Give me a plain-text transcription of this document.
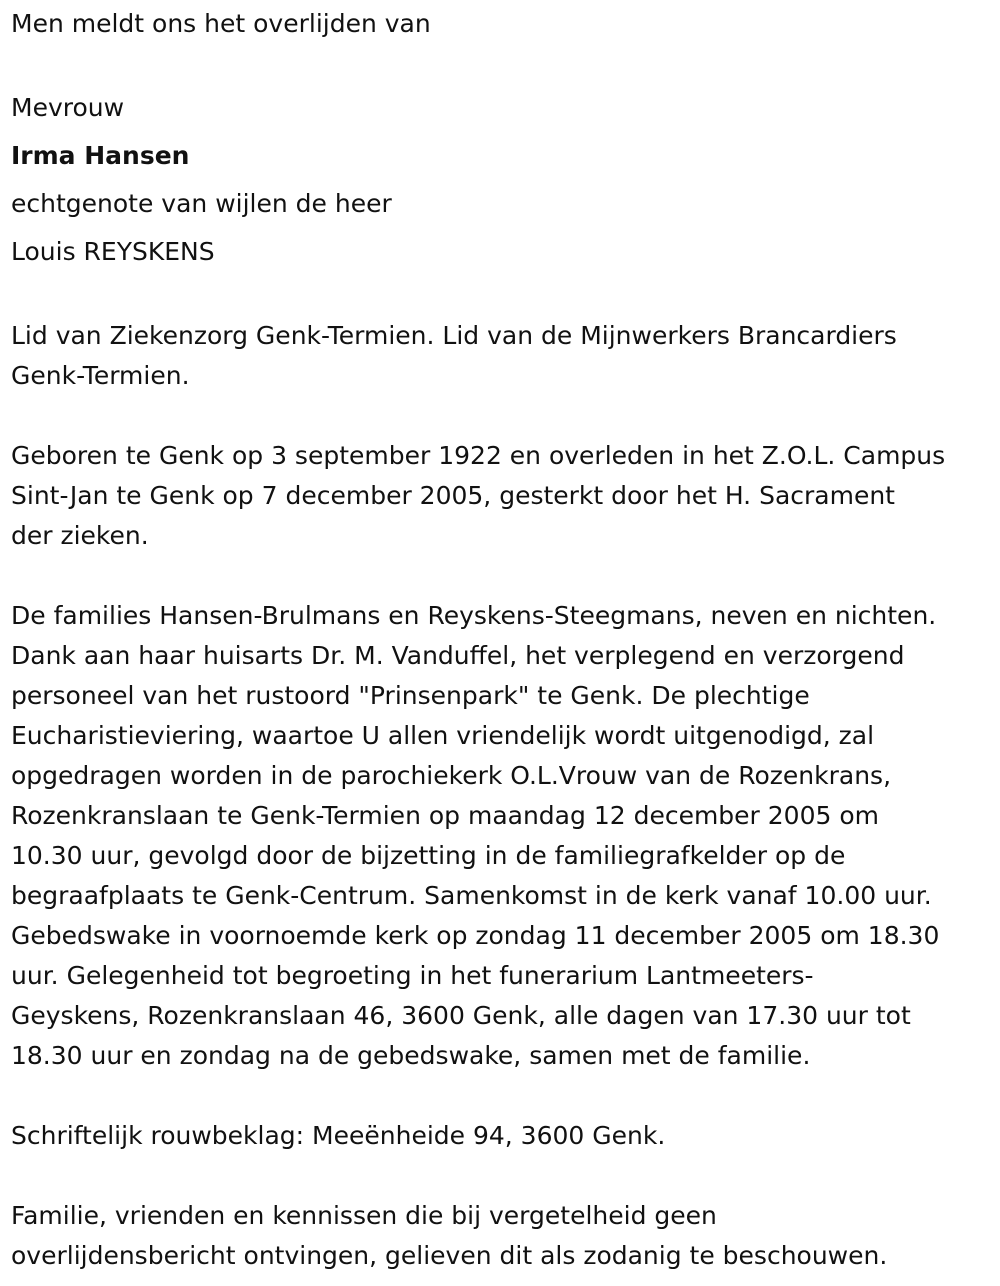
Men meldt ons het overlijden van

Mevrouw

Irma Hansen

echtgenote van wijlen de heer

Louis REYSKENS

Lid van Ziekenzorg Genk-Termien. Lid van de Mijnwerkers Brancardiers
Genk-Termien.
Geboren te Genk op 3 september 1922 en overleden in het Z.O.L. Campus
Sint-Jan te Genk op 7 december 2005, gesterkt door het H. Sacrament
der zieken.
De families Hansen-Brulmans en Reyskens-Steegmans, neven en nichten.
Dank aan haar huisarts Dr. M. Vanduffel, het verplegend en verzorgend
personeel van het rustoord "Prinsenpark" te Genk. De plechtige
Eucharistieviering, waartoe U allen vriendelijk wordt uitgenodigd, zal
opgedragen worden in de parochiekerk O.L.Vrouw van de Rozenkrans,
Rozenkranslaan te Genk-Termien op maandag 12 december 2005 om
10.30 uur, gevolgd door de bijzetting in de familiegrafkelder op de
begraafplaats te Genk-Centrum. Samenkomst in de kerk vanaf 10.00 uur.
Gebedswake in voornoemde kerk op zondag 11 december 2005 om 18.30
uur. Gelegenheid tot begroeting in het funerarium Lantmeeters-
Geyskens, Rozenkranslaan 46, 3600 Genk, alle dagen van 17.30 uur tot
18.30 uur en zondag na de gebedswake, samen met de familie.

Schriftelijk rouwbeklag: Meeënheide 94, 3600 Genk.

Familie, vrienden en kennissen die bij vergetelheid geen
overlijdensbericht ontvingen, gelieven dit als zodanig te beschouwen.
